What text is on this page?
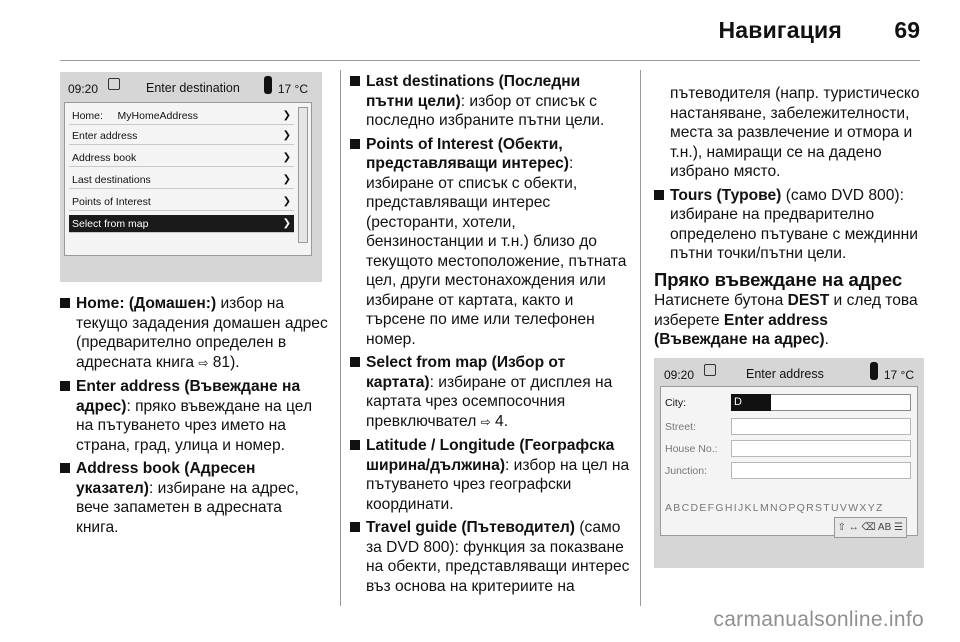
Навигация 69
09:20	Enter destination	17 °C
Home: MyHomeAddress	❯
Enter address	❯
Address book	❯
Last destinations	❯
Points of Interest	❯
Select from map	❯
Home: (Домашен:) избор на текущо зададения домашен адрес (предварително определен в адресната книга ⇨ 81).
Enter address (Въвеждане на адрес): пряко въвеждане на цел на пътуването чрез името на страна, град, улица и номер.
Address book (Адресен указател): избиране на адрес, вече запаметен в адресната книга.
Last destinations (Последни пътни цели): избор от списък с последно избраните пътни цели.
Points of Interest (Обекти, представляващи интерес): избиране от списък с обекти, представляващи интерес (ресторанти, хотели, бензиностанции и т.н.) близо до текущото местоположение, пътната цел, други местонахождения или избиране от картата, както и търсене по име или телефонен номер.
Select from map (Избор от картата): избиране от дисплея на картата чрез осемпосочния превключвател ⇨ 4.
Latitude / Longitude (Географска ширина/дължина): избор на цел на пътуването чрез географски координати.
Travel guide (Пътеводител) (само за DVD 800): функция за показване на обекти, представляващи интерес въз основа на критериите на
пътеводителя (напр. туристическо настаняване, забележителности, места за развлечение и отмора и т.н.), намиращи се на дадено избрано място.
Tours (Турове) (само DVD 800): избиране на предварително определено пътуване с междинни пътни точки/пътни цели.
Пряко въвеждане на адрес
Натиснете бутона DEST и след това изберете Enter address (Въвеждане на адрес).
09:20	Enter address	17 °C
City:	D
Street:
House No.:
Junction:
ABCDEFGHIJKLMNOPQRSTUVWXYZ
⇧ ↔ ⌫ AB ☰
carmanualsonline.info
